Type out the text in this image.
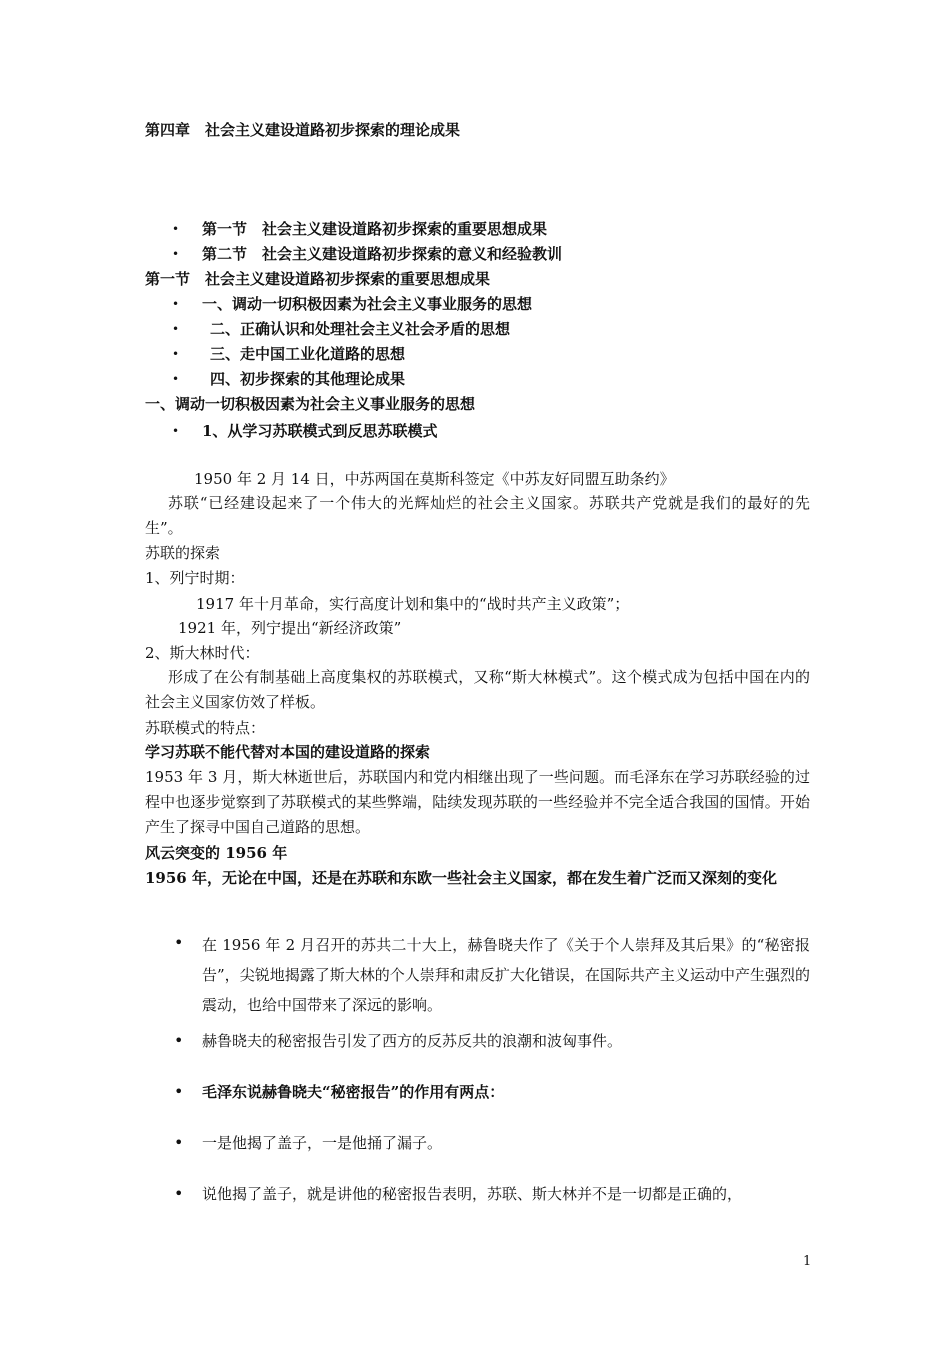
第四章　社会主义建设道路初步探索的理论成果
• 第一节　社会主义建设道路初步探索的重要思想成果
• 第二节　社会主义建设道路初步探索的意义和经验教训
第一节　社会主义建设道路初步探索的重要思想成果
• 一、调动一切积极因素为社会主义事业服务的思想
• 二、正确认识和处理社会主义社会矛盾的思想
• 三、走中国工业化道路的思想
• 四、初步探索的其他理论成果
一、调动一切积极因素为社会主义事业服务的思想
• 1、从学习苏联模式到反思苏联模式
1950 年 2 月 14 日，中苏两国在莫斯科签定《中苏友好同盟互助条约》
苏联“已经建设起来了一个伟大的光辉灿烂的社会主义国家。苏联共产党就是我们的最好的先生”。
苏联的探索
1、列宁时期：
1917 年十月革命，实行高度计划和集中的“战时共产主义政策”；
1921 年，列宁提出“新经济政策”
2、斯大林时代：
形成了在公有制基础上高度集权的苏联模式，又称“斯大林模式”。这个模式成为包括中国在内的社会主义国家仿效了样板。
苏联模式的特点：
学习苏联不能代替对本国的建设道路的探索
1953 年 3 月，斯大林逝世后，苏联国内和党内相继出现了一些问题。而毛泽东在学习苏联经验的过程中也逐步觉察到了苏联模式的某些弊端，陆续发现苏联的一些经验并不完全适合我国的国情。开始产生了探寻中国自己道路的思想。
风云突变的 1956 年
1956 年，无论在中国，还是在苏联和东欧一些社会主义国家，都在发生着广泛而又深刻的变化
• 在 1956 年 2 月召开的苏共二十大上，赫鲁晓夫作了《关于个人崇拜及其后果》的“秘密报告”，尖锐地揭露了斯大林的个人崇拜和肃反扩大化错误，在国际共产主义运动中产生强烈的震动，也给中国带来了深远的影响。
• 赫鲁晓夫的秘密报告引发了西方的反苏反共的浪潮和波匈事件。
• 毛泽东说赫鲁晓夫“秘密报告”的作用有两点：
• 一是他揭了盖子，一是他捅了漏子。
• 说他揭了盖子，就是讲他的秘密报告表明，苏联、斯大林并不是一切都是正确的，
1
